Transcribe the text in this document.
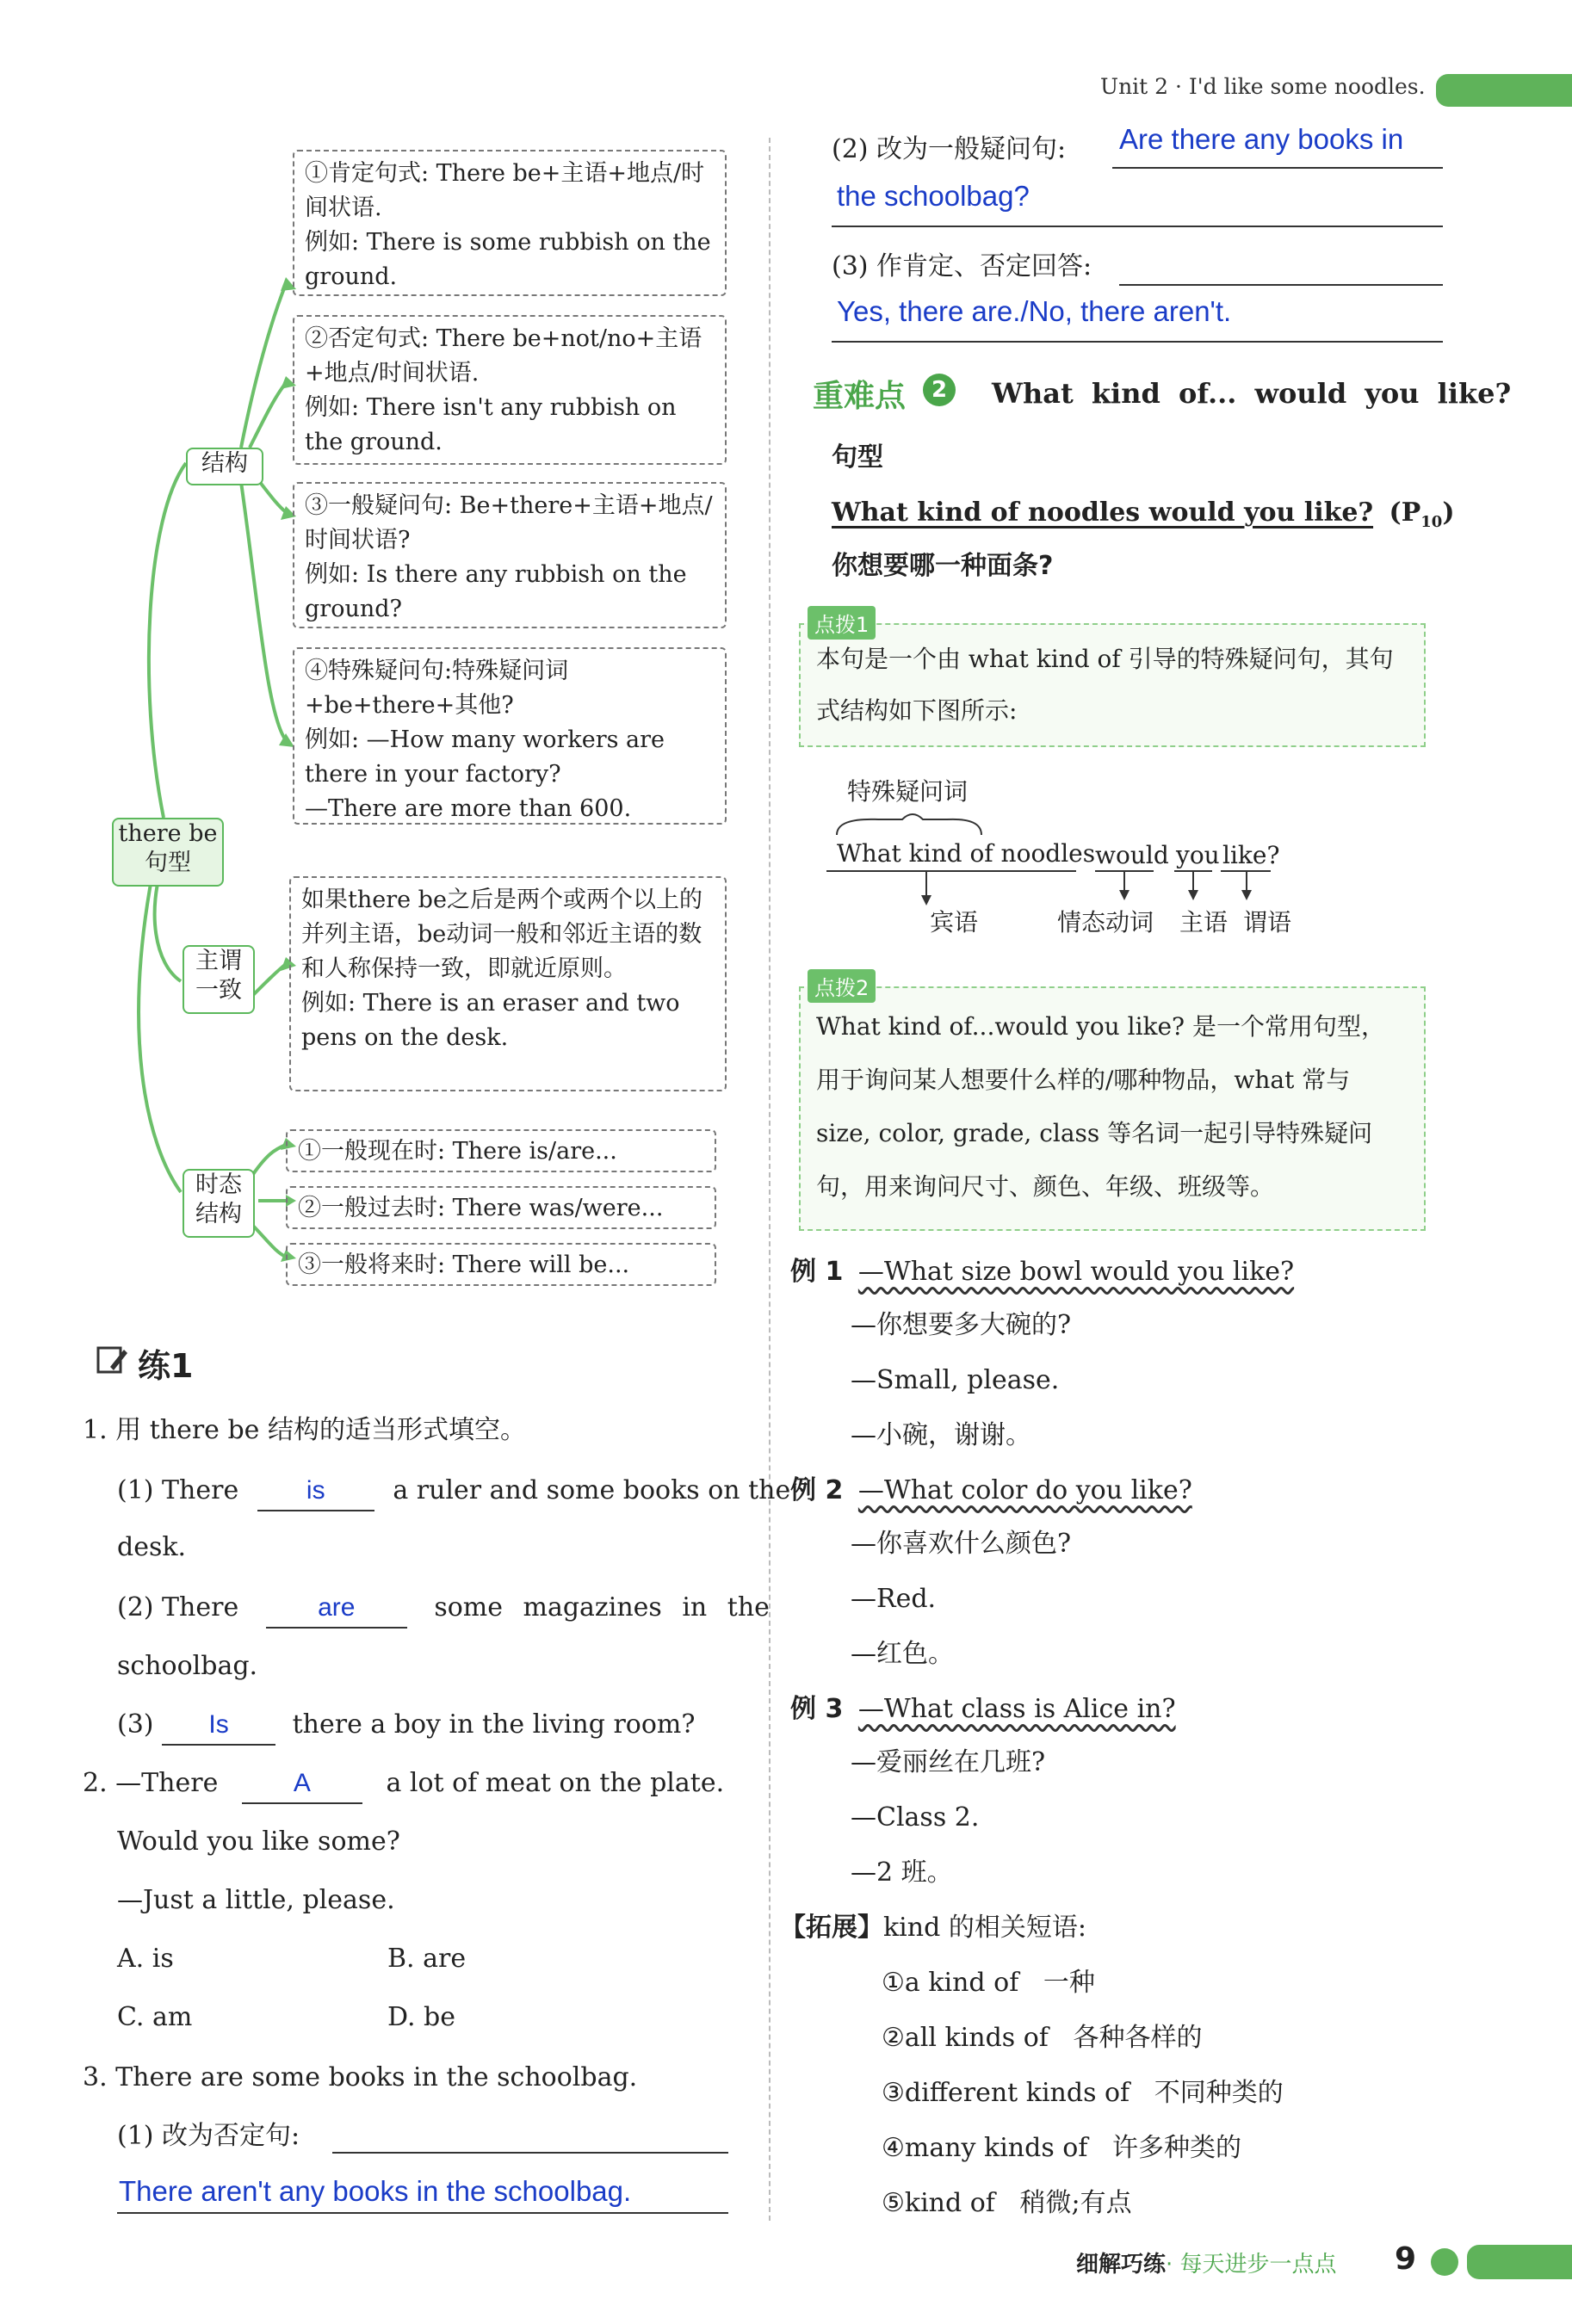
Unit 2 · I'd like some noodles.
there be
句型
结构
主谓
一致
时态
结构
①肯定句式: There be+主语+地点/时间状语.
例如: There is some rubbish on the ground.
②否定句式: There be+not/no+主语+地点/时间状语.
例如: There isn't any rubbish on the ground.
③一般疑问句: Be+there+主语+地点/时间状语?
例如: Is there any rubbish on the ground?
④特殊疑问句:特殊疑问词+be+there+其他?
例如: —How many workers are there in your factory?
—There are more than 600.
如果there be之后是两个或两个以上的并列主语，be动词一般和邻近主语的数和人称保持一致，即就近原则。
例如: There is an eraser and two pens on the desk.
①一般现在时: There is/are...
②一般过去时: There was/were...
③一般将来时: There will be...
练1
1. 用 there be 结构的适当形式填空。
(1) There	is	a ruler and some books on the
desk.
(2) There	are	some magazines in the
schoolbag.
(3) Is there a boy in the living room?
2. —There	A	a lot of meat on the plate.
Would you like some?
—Just a little, please.
A. is	B. are
C. am	D. be
3. There are some books in the schoolbag.
(1) 改为否定句:
There aren't any books in the schoolbag.
(2) 改为一般疑问句: Are there any books in
the schoolbag?
(3) 作肯定、否定回答:
Yes, there are./No, there aren't.
重难点	2	What kind of... would you like?
句型
What kind of noodles would you like? $(P_{10})$
你想要哪一种面条?
本句是一个由 what kind of 引导的特殊疑问句，其句式结构如下图所示:
点拨1
特殊疑问词
What kind of noodles would you like?
宾语	情态动词 主语 谓语
What kind of...would you like? 是一个常用句型，用于询问某人想要什么样的/哪种物品，what 常与 size, color, grade, class 等名词一起引导特殊疑问句，用来询问尺寸、颜色、年级、班级等。
点拨2
例 1 —What size bowl would you like?
—你想要多大碗的?
—Small, please.
—小碗，谢谢。
例 2 —What color do you like?
—你喜欢什么颜色?
—Red.
—红色。
例 3 —What class is Alice in?
—爱丽丝在几班?
—Class 2.
—2 班。
【拓展】kind 的相关短语:
①a kind of   一种
②all kinds of   各种各样的
③different kinds of   不同种类的
④many kinds of   许多种类的
⑤kind of   稍微;有点
细解巧练· 每天进步一点点 9
